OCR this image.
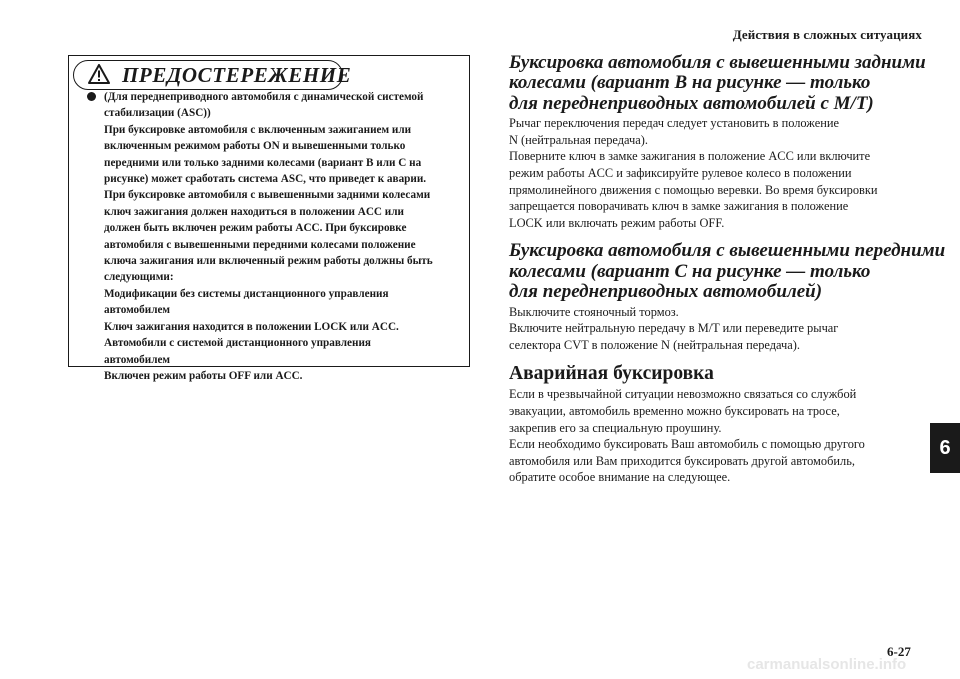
Действия в сложных ситуациях
ПРЕДОСТЕРЕЖЕНИЕ
(Для переднеприводного автомобиля с динамической системой
стабилизации (ASC))
При буксировке автомобиля с включенным зажиганием или
включенным режимом работы ON и вывешенными только
передними или только задними колесами (вариант B или C на
рисунке) может сработать система ASC, что приведет к аварии.
При буксировке автомобиля с вывешенными задними колесами
ключ зажигания должен находиться в положении ACC или
должен быть включен режим работы ACC. При буксировке
автомобиля с вывешенными передними колесами положение
ключа зажигания или включенный режим работы должны быть
следующими:
Модификации без системы дистанционного управления
автомобилем
Ключ зажигания находится в положении LOCK или ACC.
Автомобили с системой дистанционного управления
автомобилем
Включен режим работы OFF или ACC.
Буксировка автомобиля с вывешенными задними
колесами (вариант B на рисунке — только
для переднеприводных автомобилей с M/T)
Рычаг переключения передач следует установить в положение
N (нейтральная передача).
Поверните ключ в замке зажигания в положение ACC или включите
режим работы ACC и зафиксируйте рулевое колесо в положении
прямолинейного движения с помощью веревки. Во время буксировки
запрещается поворачивать ключ в замке зажигания в положение
LOCK или включать режим работы OFF.
Буксировка автомобиля с вывешенными передними
колесами (вариант C на рисунке — только
для переднеприводных автомобилей)
Выключите стояночный тормоз.
Включите нейтральную передачу в M/T или переведите рычаг
селектора CVT в положение N (нейтральная передача).
Аварийная буксировка
Если в чрезвычайной ситуации невозможно связаться со службой
эвакуации, автомобиль временно можно буксировать на тросе,
закрепив его за специальную проушину.
Если необходимо буксировать Ваш автомобиль с помощью другого
автомобиля или Вам приходится буксировать другой автомобиль,
обратите особое внимание на следующее.
6
6-27
carmanualsonline.info
